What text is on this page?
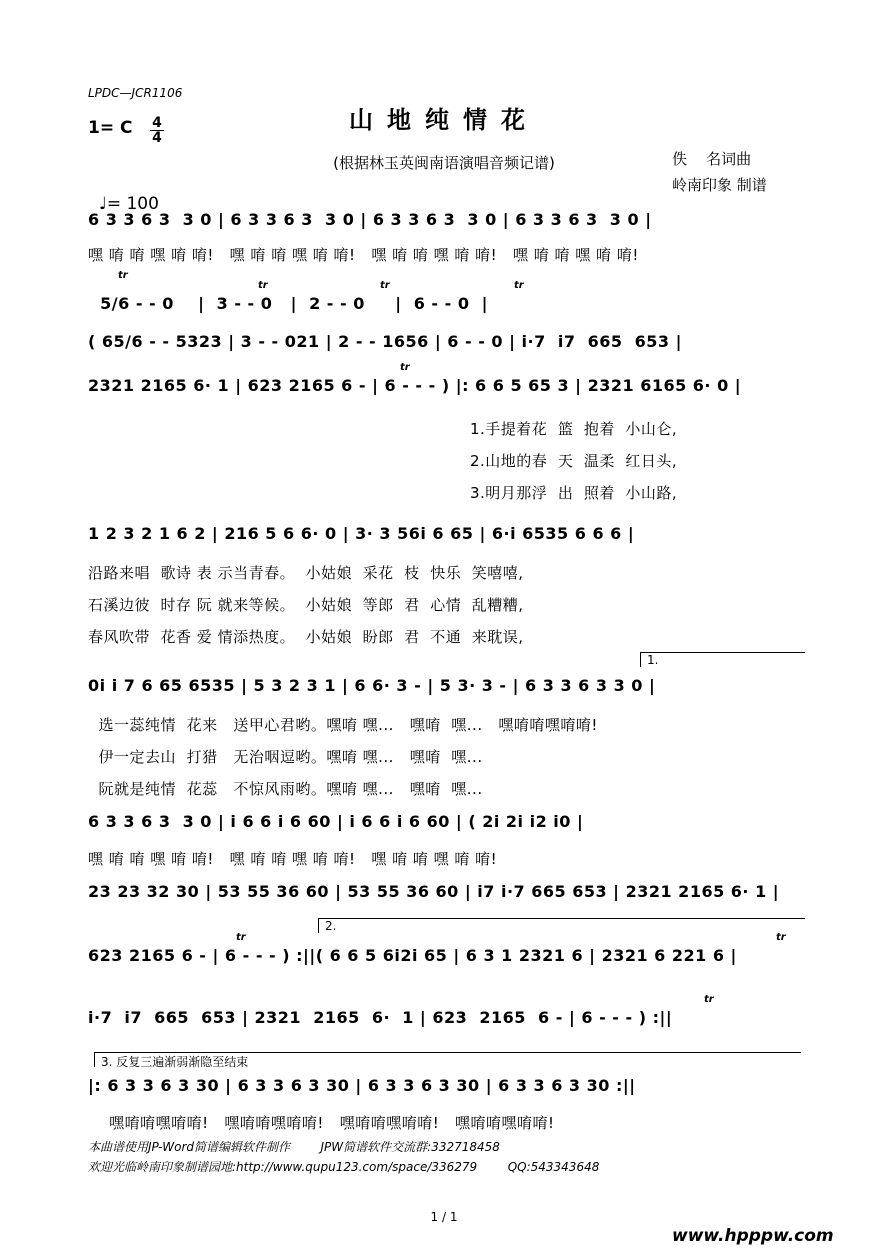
LPDC—JCR1106
山地纯情花
1= C 4
4
(根据林玉英闽南语演唱音频记谱)	佚    名词曲
岭南印象 制谱

♩= 100

6 3 3 6 3  3 0 | 6 3 3 6 3  3 0 | 6 3 3 6 3  3 0 | 6 3 3 6 3  3 0 |
嘿 唷 唷 嘿 唷 唷!   嘿 唷 唷 嘿 唷 唷!   嘿 唷 唷 嘿 唷 唷!   嘿 唷 唷 嘿 唷 唷!
tr
tr	tr	tr
5/6 - - 0    |  3 - - 0   |  2 - - 0     |  6 - - 0  |
( 65/6 - - 5323 | 3 - - 021 | 2 - - 1656 | 6 - - 0 | i·7  i7  665  653 |
tr
2321 2165 6· 1 | 623 2165 6 - | 6 - - - ) |: 6 6 5 65 3 | 2321 6165 6· 0 |
1.手提着花  篮  抱着  小山仑,
2.山地的春  天  温柔  红日头,
3.明月那浮  出  照着  小山路,
1 2 3 2 1 6 2 | 216 5 6 6· 0 | 3· 3 56i 6 65 | 6·i 6535 6 6 6 |
沿路来唱  歌诗 表 示当青春。  小姑娘  采花  枝  快乐  笑嘻嘻,
石溪边彼  时存 阮 就来等候。  小姑娘  等郎  君  心情  乱糟糟,
春风吹带  花香 爱 情添热度。  小姑娘  盼郎  君  不通  来耽误,
1.
0i i 7 6 65 6535 | 5 3 2 3 1 | 6 6· 3 - | 5 3· 3 - | 6 3 3 6 3 3 0 |
选一蕊纯情  花来   送甲心君哟。嘿唷 嘿...   嘿唷  嘿...   嘿唷唷嘿唷唷!
伊一定去山  打猎   无治咽逗哟。嘿唷 嘿...   嘿唷  嘿...
阮就是纯情  花蕊   不惊风雨哟。嘿唷 嘿...   嘿唷  嘿...
6 3 3 6 3  3 0 | i 6 6 i 6 60 | i 6 6 i 6 60 | ( 2i 2i i2 i0 |
嘿 唷 唷 嘿 唷 唷!   嘿 唷 唷 嘿 唷 唷!   嘿 唷 唷 嘿 唷 唷!
23 23 32 30 | 53 55 36 60 | 53 55 36 60 | i7 i·7 665 653 | 2321 2165 6· 1 |
2.
tr	tr
623 2165 6 - | 6 - - - ) :||( 6 6 5 6i2i 65 | 6 3 1 2321 6 | 2321 6 221 6 |
tr
i·7  i7  665  653 | 2321  2165  6·  1 | 623  2165  6 - | 6 - - - ) :||
3. 反复三遍渐弱渐隐至结束
|: 6 3 3 6 3 30 | 6 3 3 6 3 30 | 6 3 3 6 3 30 | 6 3 3 6 3 30 :||
嘿唷唷嘿唷唷!   嘿唷唷嘿唷唷!   嘿唷唷嘿唷唷!   嘿唷唷嘿唷唷!
本曲谱使用JP-Word简谱编辑软件制作        JPW简谱软件交流群:332718458
欢迎光临岭南印象制谱园地:http://www.qupu123.com/space/336279        QQ:543343648
1 / 1
www.hpppw.com
